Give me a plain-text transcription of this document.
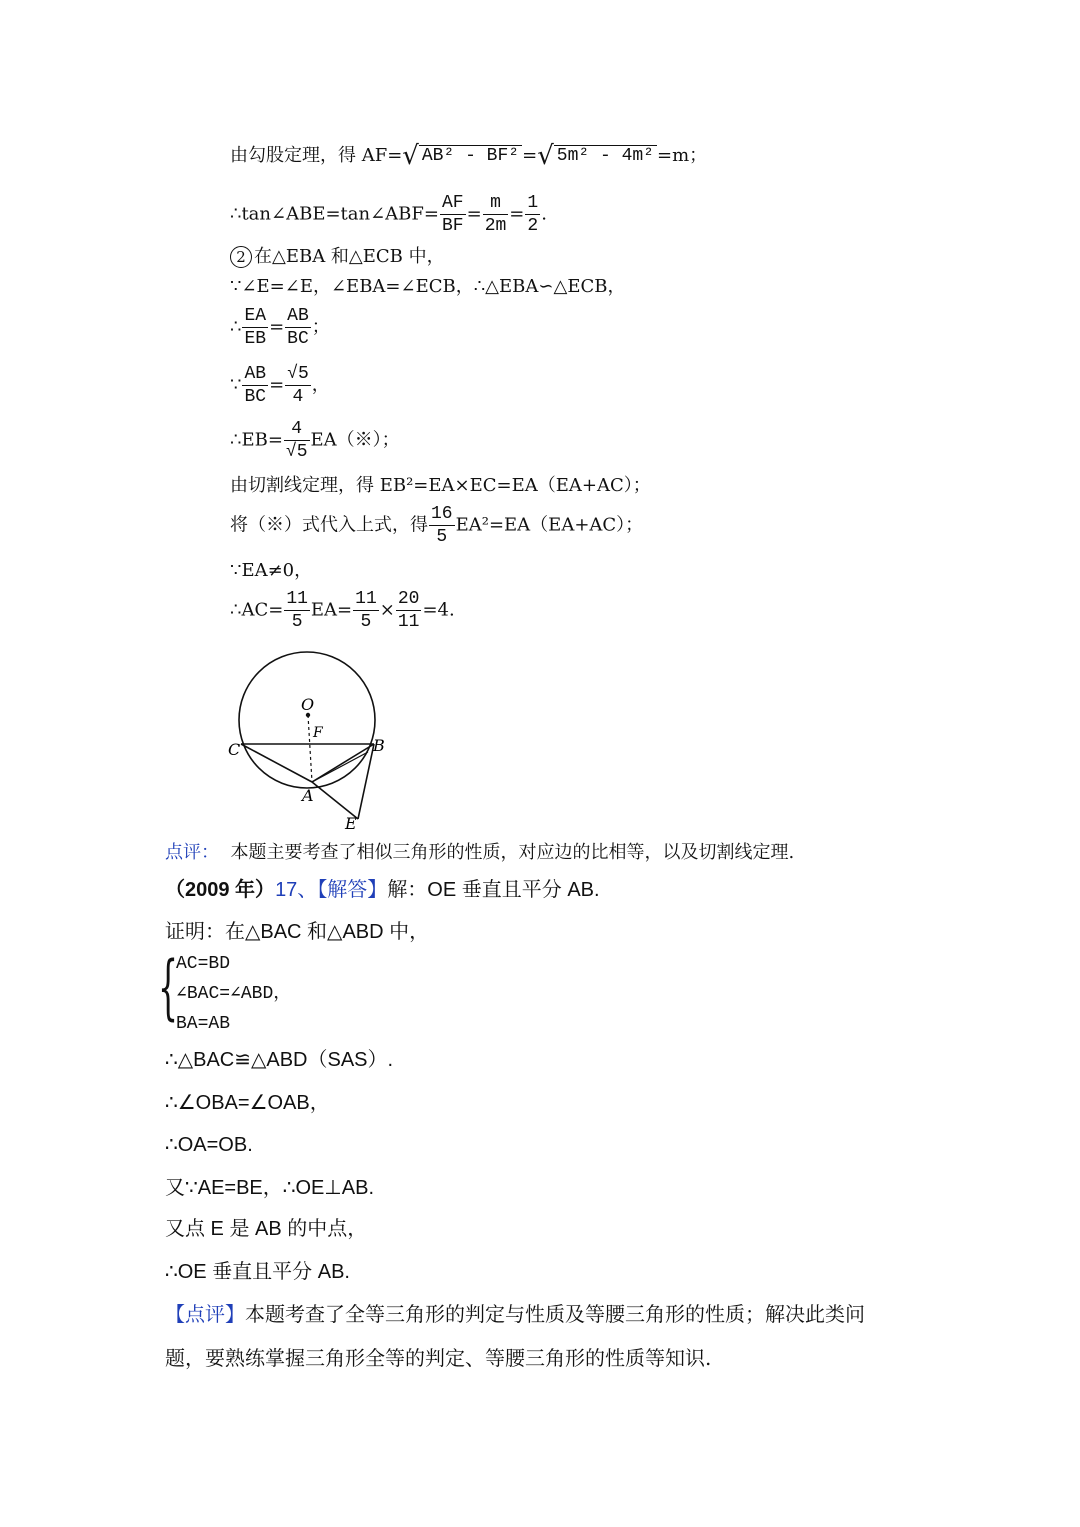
由勾股定理，得 AF=√ AB² - BF² =√ 5m² - 4m² =m；
∴tan∠ABE=tan∠ABF= $\frac{AF}{BF} = \frac{m}{2m} = \frac{1}{2}$ .
2 在△EBA 和△ECB 中，
∵∠E=∠E，∠EBA=∠ECB，∴△EBA∽△ECB，
∴ $\frac{EA}{EB} = \frac{AB}{BC}$ ；
∵ $\frac{AB}{BC} = \frac{√5}{4}$ ，
∴EB= $\frac{4}{√5}$ EA（※）；
由切割线定理，得 EB²=EA×EC=EA（EA+AC）；
将（※）式代入上式，得 $\frac{16}{5} EA^2=EA(EA+AC)$；
∵EA≠0，
∴AC= $\frac{11}{5} EA= \frac{11}{5} \times \frac{20}{11} =4$.
O
F
C	B
A
E
点评： 本题主要考查了相似三角形的性质，对应边的比相等，以及切割线定理.
（2009 年）17、【解答】解：OE 垂直且平分 AB.
证明：在△BAC 和△ABD 中，
{
AC=BD
∠BAC=∠ABD，
BA=AB
∴△BAC≌△ABD（SAS）.
∴∠OBA=∠OAB，
∴OA=OB.
又∵AE=BE，∴OE⊥AB.
又点 E 是 AB 的中点，
∴OE 垂直且平分 AB.
【点评】本题考查了全等三角形的判定与性质及等腰三角形的性质；解决此类问
题，要熟练掌握三角形全等的判定、等腰三角形的性质等知识.
